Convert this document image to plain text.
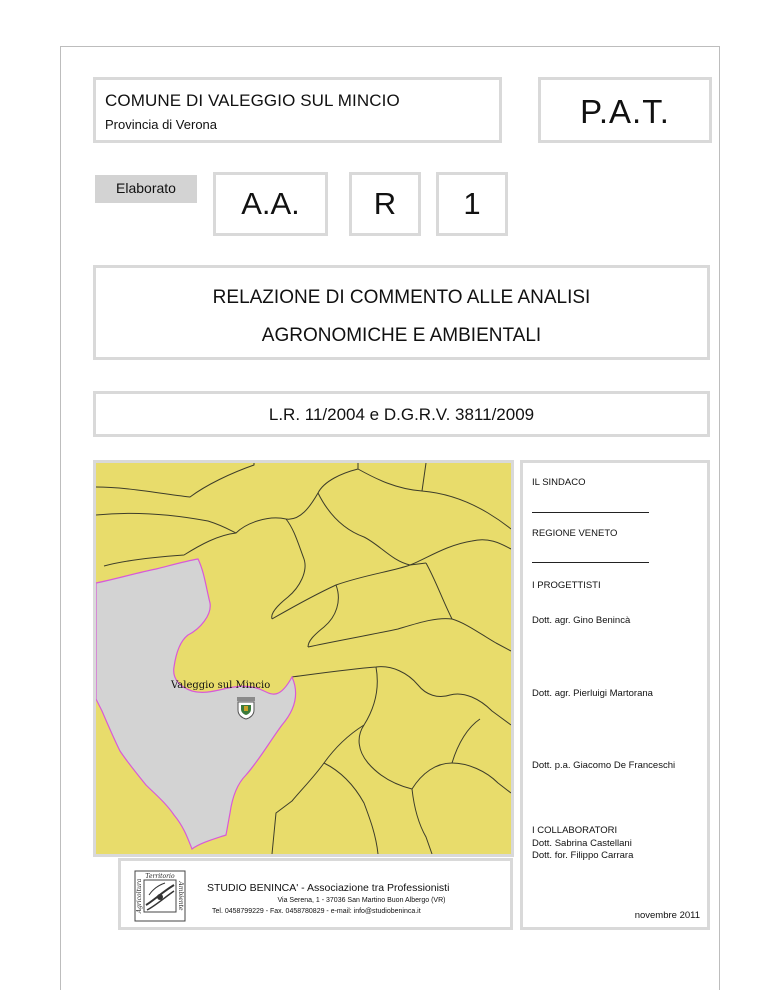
COMUNE DI VALEGGIO SUL MINCIO
Provincia di Verona	P.A.T.
Elaborato	A.A.	R	1
RELAZIONE DI COMMENTO ALLE ANALISI
AGRONOMICHE E AMBIENTALI
L.R. 11/2004 e D.G.R.V. 3811/2009
Valeggio sul Mincio
IL SINDACO
REGIONE VENETO
I PROGETTISTI
Dott. agr. Gino Benincà
Dott. agr. Pierluigi Martorana
Dott. p.a. Giacomo De Franceschi
I COLLABORATORI
Dott. Sabrina Castellani
Dott. for. Filippo Carrara
novembre 2011
Territorio
Agricoltura	Ambiente STUDIO BENINCA' - Associazione tra Professionisti
Via Serena, 1 - 37036 San Martino Buon Albergo (VR)
Tel. 0458799229 - Fax. 0458780829 - e-mail: info@studiobeninca.it
